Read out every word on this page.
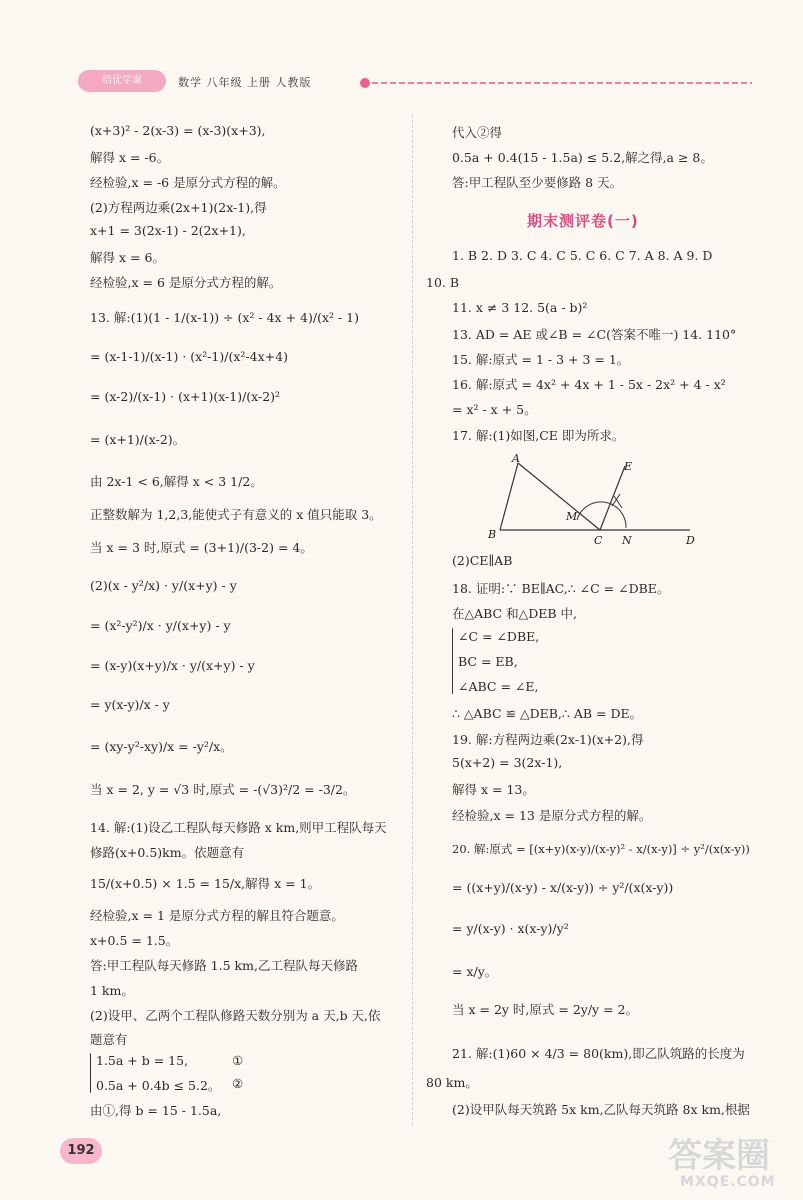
培优学案	数学 八年级 上册 人教版
(x+3)² - 2(x-3) = (x-3)(x+3),
解得 x = -6。
经检验,x = -6 是原分式方程的解。
(2)方程两边乘(2x+1)(2x-1),得
x+1 = 3(2x-1) - 2(2x+1),
解得 x = 6。
经检验,x = 6 是原分式方程的解。
13. 解:(1)(1 - 1/(x-1)) ÷ (x² - 4x + 4)/(x² - 1)
= (x-1-1)/(x-1) · (x²-1)/(x²-4x+4)
= (x-2)/(x-1) · (x+1)(x-1)/(x-2)²
= (x+1)/(x-2)。
由 2x-1 < 6,解得 x < 3 1/2。
正整数解为 1,2,3,能使式子有意义的 x 值只能取 3。
当 x = 3 时,原式 = (3+1)/(3-2) = 4。
(2)(x - y²/x) · y/(x+y) - y
= (x²-y²)/x · y/(x+y) - y
= (x-y)(x+y)/x · y/(x+y) - y
= y(x-y)/x - y
= (xy-y²-xy)/x = -y²/x。
当 x = 2, y = √3 时,原式 = -(√3)²/2 = -3/2。
14. 解:(1)设乙工程队每天修路 x km,则甲工程队每天
修路(x+0.5)km。依题意有
15/(x+0.5) × 1.5 = 15/x,解得 x = 1。
经检验,x = 1 是原分式方程的解且符合题意。
x+0.5 = 1.5。
答:甲工程队每天修路 1.5 km,乙工程队每天修路
1 km。
(2)设甲、乙两个工程队修路天数分别为 a 天,b 天,依
题意有
1.5a + b = 15,
0.5a + 0.4b ≤ 5.2。
①
②
由①,得 b = 15 - 1.5a,
代入②得
0.5a + 0.4(15 - 1.5a) ≤ 5.2,解之得,a ≥ 8。
答:甲工程队至少要修路 8 天。
期末测评卷(一)
1. B 2. D 3. C 4. C 5. C 6. C 7. A 8. A 9. D
10. B
11. x ≠ 3 12. 5(a - b)²
13. AD = AE 或∠B = ∠C(答案不唯一) 14. 110°
15. 解:原式 = 1 - 3 + 3 = 1。
16. 解:原式 = 4x² + 4x + 1 - 5x - 2x² + 4 - x²
= x² - x + 5。
17. 解:(1)如图,CE 即为所求。
A
B	C	D
E
M
N
(2)CE∥AB
18. 证明:∵ BE∥AC,∴ ∠C = ∠DBE。
在△ABC 和△DEB 中,
∠C = ∠DBE,
BC = EB,
∠ABC = ∠E,
∴ △ABC ≌ △DEB,∴ AB = DE。
19. 解:方程两边乘(2x-1)(x+2),得
5(x+2) = 3(2x-1),
解得 x = 13。
经检验,x = 13 是原分式方程的解。
20. 解:原式 = [(x+y)(x-y)/(x-y)² - x/(x-y)] ÷ y²/(x(x-y))
= ((x+y)/(x-y) - x/(x-y)) ÷ y²/(x(x-y))
= y/(x-y) · x(x-y)/y²
= x/y。
当 x = 2y 时,原式 = 2y/y = 2。
21. 解:(1)60 × 4/3 = 80(km),即乙队筑路的长度为
80 km。
(2)设甲队每天筑路 5x km,乙队每天筑路 8x km,根据
192	答案圈
MXQE.COM
